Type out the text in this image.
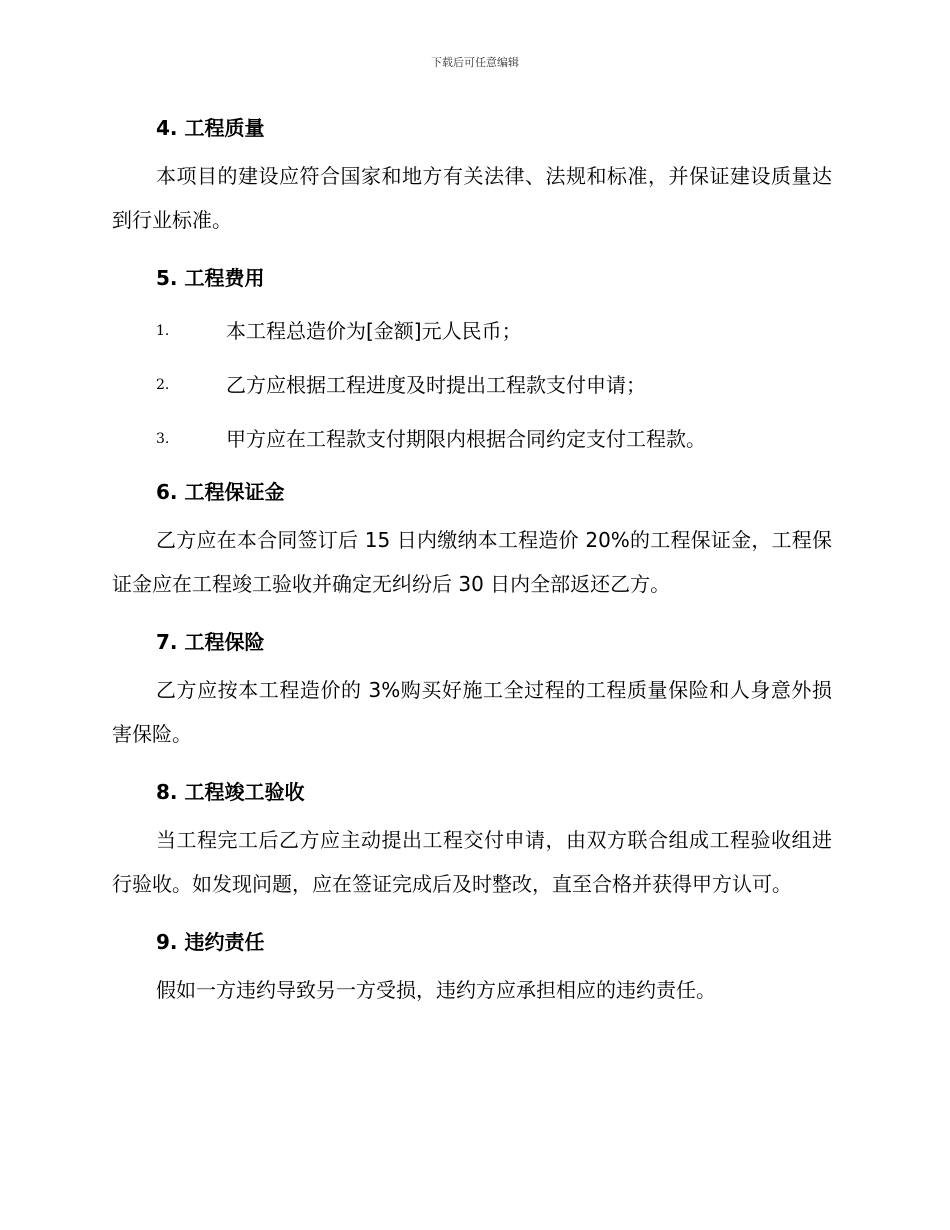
下载后可任意编辑
4. 工程质量

本项目的建设应符合国家和地方有关法律、法规和标准，并保证建设质量达到行业标准。

5. 工程费用
1.	本工程总造价为[金额]元人民币；
2.	乙方应根据工程进度及时提出工程款支付申请；
3.	甲方应在工程款支付期限内根据合同约定支付工程款。
6. 工程保证金

乙方应在本合同签订后 15 日内缴纳本工程造价 20%的工程保证金，工程保证金应在工程竣工验收并确定无纠纷后 30 日内全部返还乙方。

7. 工程保险

乙方应按本工程造价的 3%购买好施工全过程的工程质量保险和人身意外损害保险。

8. 工程竣工验收

当工程完工后乙方应主动提出工程交付申请，由双方联合组成工程验收组进行验收。如发现问题，应在签证完成后及时整改，直至合格并获得甲方认可。

9. 违约责任

假如一方违约导致另一方受损，违约方应承担相应的违约责任。
